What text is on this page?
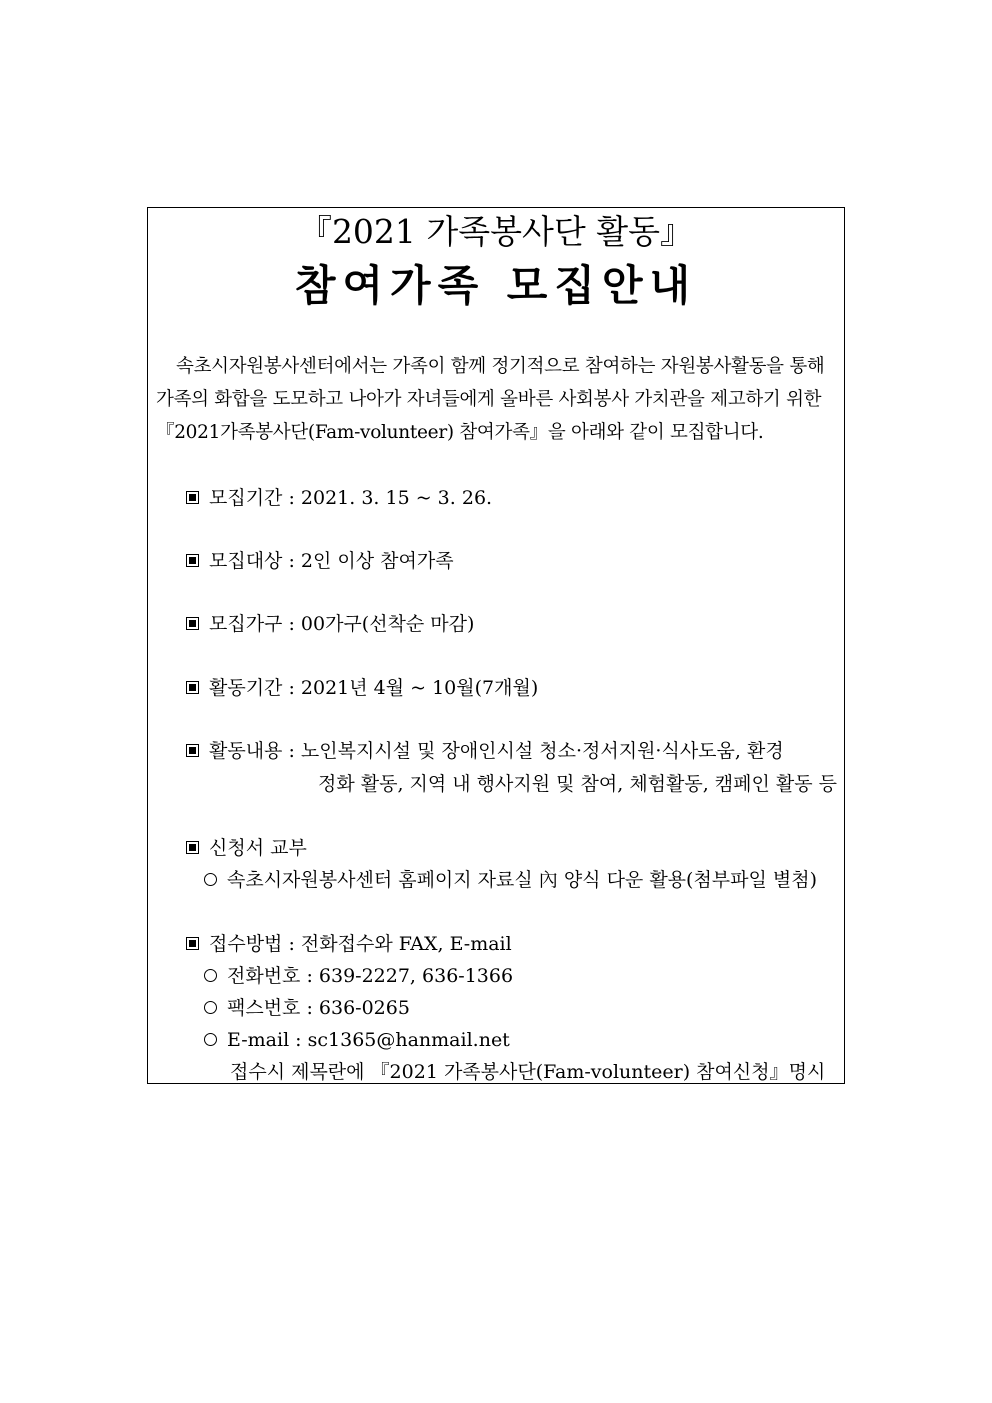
『2021 가족봉사단 활동』
참여가족 모집안내
속초시자원봉사센터에서는 가족이 함께 정기적으로 참여하는 자원봉사활동을 통해
가족의 화합을 도모하고 나아가 자녀들에게 올바른 사회봉사 가치관을 제고하기 위한
『2021가족봉사단(Fam-volunteer) 참여가족』을 아래와 같이 모집합니다.
모집기간 : 2021. 3. 15 ~ 3. 26.
모집대상 : 2인 이상 참여가족
모집가구 : 00가구(선착순 마감)
활동기간 : 2021년 4월 ~ 10월(7개월)
활동내용 : 노인복지시설 및 장애인시설 청소·정서지원·식사도움, 환경
정화 활동, 지역 내 행사지원 및 참여, 체험활동, 캠페인 활동 등
신청서 교부
속초시자원봉사센터 홈페이지 자료실 內 양식 다운 활용(첨부파일 별첨)
접수방법 : 전화접수와 FAX, E-mail
전화번호 : 639-2227, 636-1366
팩스번호 : 636-0265
E-mail : sc1365@hanmail.net
접수시 제목란에 『2021 가족봉사단(Fam-volunteer) 참여신청』명시
